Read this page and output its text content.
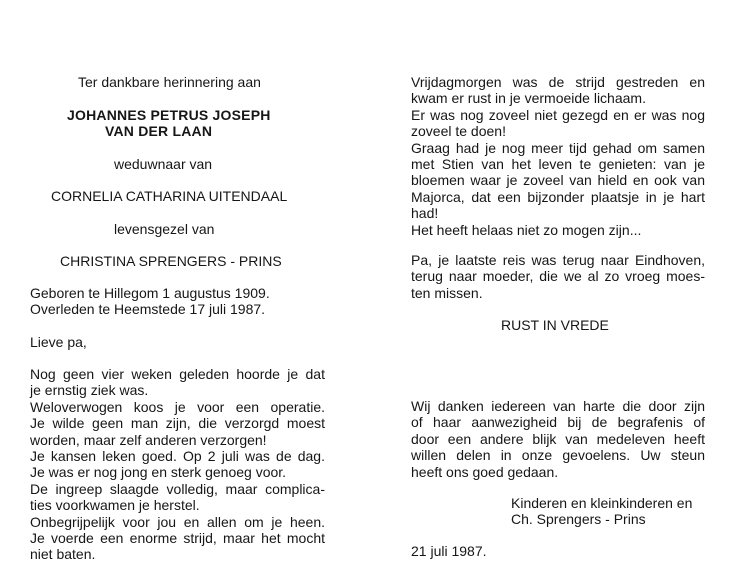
Ter dankbare herinnering aan

JOHANNES PETRUS JOSEPH

VAN DER LAAN

weduwnaar van

CORNELIA CATHARINA UITENDAAL

levensgezel van

CHRISTINA SPRENGERS - PRINS

Geboren te Hillegom 1 augustus 1909.
Overleden te Heemstede 17 juli 1987.

Lieve pa,

Nog geen vier weken geleden hoorde je dat
je ernstig ziek was.
Weloverwogen koos je voor een operatie.
Je wilde geen man zijn, die verzorgd moest
worden, maar zelf anderen verzorgen!
Je kansen leken goed. Op 2 juli was de dag.
Je was er nog jong en sterk genoeg voor.
De ingreep slaagde volledig, maar complica-
ties voorkwamen je herstel.
Onbegrijpelijk voor jou en allen om je heen.
Je voerde een enorme strijd, maar het mocht
niet baten.
Vrijdagmorgen was de strijd gestreden en
kwam er rust in je vermoeide lichaam.
Er was nog zoveel niet gezegd en er was nog
zoveel te doen!
Graag had je nog meer tijd gehad om samen
met Stien van het leven te genieten: van je
bloemen waar je zoveel van hield en ook van
Majorca, dat een bijzonder plaatsje in je hart
had!
Het heeft helaas niet zo mogen zijn...
Pa, je laatste reis was terug naar Eindhoven,
terug naar moeder, die we al zo vroeg moes-
ten missen.

RUST IN VREDE

Wij danken iedereen van harte die door zijn
of haar aanwezigheid bij de begrafenis of
door een andere blijk van medeleven heeft
willen delen in onze gevoelens. Uw steun
heeft ons goed gedaan.
Kinderen en kleinkinderen en
Ch. Sprengers - Prins

21 juli 1987.
